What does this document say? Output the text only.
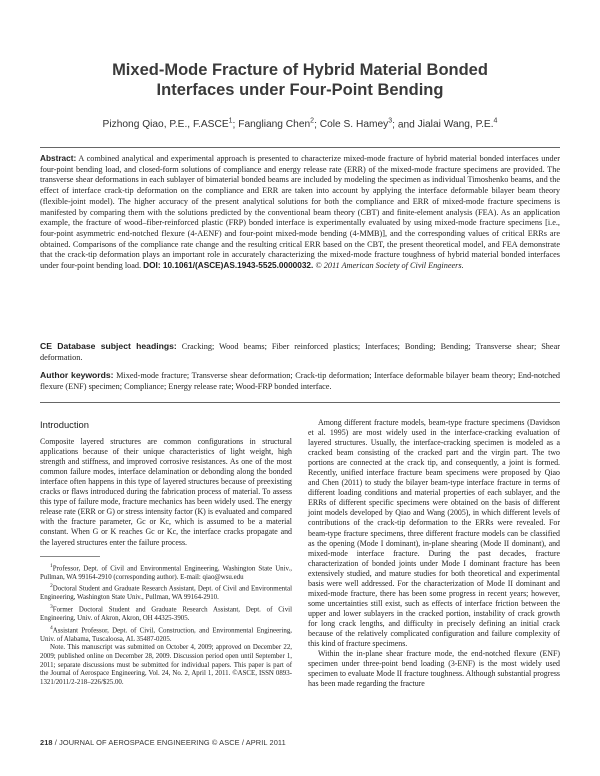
Mixed-Mode Fracture of Hybrid Material Bonded
Interfaces under Four-Point Bending
Pizhong Qiao, P.E., F.ASCE$^1$; Fangliang Chen$^2$; Cole S. Hamey$^3$; and Jialai Wang, P.E.$^4$
Abstract: A combined analytical and experimental approach is presented to characterize mixed-mode fracture of hybrid material bonded interfaces under four-point bending load, and closed-form solutions of compliance and energy release rate (ERR) of the mixed-mode fracture specimens are provided. The transverse shear deformations in each sublayer of bimaterial bonded beams are included by modeling the specimen as individual Timoshenko beams, and the effect of interface crack-tip deformation on the compliance and ERR are taken into account by applying the interface deformable bilayer beam theory (flexible-joint model). The higher accuracy of the present analytical solutions for both the compliance and ERR of mixed-mode fracture specimens is manifested by comparing them with the solutions predicted by the conventional beam theory (CBT) and finite-element analysis (FEA). As an application example, the fracture of wood–fiber-reinforced plastic (FRP) bonded interface is experimentally evaluated by using mixed-mode fracture specimens [i.e., four-point asymmetric end-notched flexure (4-AENF) and four-point mixed-mode bending (4-MMB)], and the corresponding values of critical ERRs are obtained. Comparisons of the compliance rate change and the resulting critical ERR based on the CBT, the present theoretical model, and FEA demonstrate that the crack-tip deformation plays an important role in accurately characterizing the mixed-mode fracture toughness of hybrid material bonded interfaces under four-point bending load. DOI: 10.1061/(ASCE)AS.1943-5525.0000032. © 2011 American Society of Civil Engineers.
CE Database subject headings: Cracking; Wood beams; Fiber reinforced plastics; Interfaces; Bonding; Bending; Transverse shear; Shear deformation.
Author keywords: Mixed-mode fracture; Transverse shear deformation; Crack-tip deformation; Interface deformable bilayer beam theory; End-notched flexure (ENF) specimen; Compliance; Energy release rate; Wood-FRP bonded interface.
Introduction

Composite layered structures are common configurations in structural applications because of their unique characteristics of light weight, high strength and stiffness, and improved corrosive resistances. As one of the most common failure modes, interface delamination or debonding along the bonded interface often happens in this type of layered structures because of preexisting cracks or flaws introduced during the fabrication process of material. To assess this type of failure mode, fracture mechanics has been widely used. The energy release rate (ERR or G) or stress intensity factor (K) is evaluated and compared with the fracture parameter, Gc or Kc, which is assumed to be a material constant. When G or K reaches Gc or Kc, the interface cracks propagate and the layered structures enter the failure process.

$^1$Professor, Dept. of Civil and Environmental Engineering, Washington State Univ., Pullman, WA 99164-2910 (corresponding author). E-mail: qiao@wsu.edu

$^2$Doctoral Student and Graduate Research Assistant, Dept. of Civil and Environmental Engineering, Washington State Univ., Pullman, WA 99164-2910.

$^3$Former Doctoral Student and Graduate Research Assistant, Dept. of Civil Engineering, Univ. of Akron, Akron, OH 44325-3905.

$^4$Assistant Professor, Dept. of Civil, Construction, and Environmental Engineering, Univ. of Alabama, Tuscaloosa, AL 35487-0205.

Note. This manuscript was submitted on October 4, 2009; approved on December 22, 2009; published online on December 28, 2009. Discussion period open until September 1, 2011; separate discussions must be submitted for individual papers. This paper is part of the Journal of Aerospace Engineering, Vol. 24, No. 2, April 1, 2011. ©ASCE, ISSN 0893-1321/2011/2-218–226/$25.00.

Among different fracture models, beam-type fracture specimens (Davidson et al. 1995) are most widely used in the interface-cracking evaluation of layered structures. Usually, the interface-cracking specimen is modeled as a cracked beam consisting of the cracked part and the virgin part. The two portions are connected at the crack tip, and consequently, a joint is formed. Recently, unified interface fracture beam specimens were proposed by Qiao and Chen (2011) to study the bilayer beam-type interface fracture in terms of different loading conditions and material properties of each sublayer, and the ERRs of different specific specimens were obtained on the basis of different joint models developed by Qiao and Wang (2005), in which different levels of contributions of the crack-tip deformation to the ERRs were revealed. For beam-type fracture specimens, three different fracture models can be classified as the opening (Mode I dominant), in-plane shearing (Mode II dominant), and mixed-mode interface fracture. During the past decades, fracture characterization of bonded joints under Mode I dominant fracture has been extensively studied, and mature studies for both theoretical and experimental basis were well addressed. For the characterization of Mode II dominant and mixed-mode fracture, there has been some progress in recent years; however, some uncertainties still exist, such as effects of interface friction between the upper and lower sublayers in the cracked portion, instability of crack growth for long crack lengths, and difficulty in precisely defining an initial crack because of the relatively complicated configuration and failure complexity of this kind of fracture specimens.

Within the in-plane shear fracture mode, the end-notched flexure (ENF) specimen under three-point bend loading (3-ENF) is the most widely used specimen to evaluate Mode II fracture toughness. Although substantial progress has been made regarding the fracture

218 / JOURNAL OF AEROSPACE ENGINEERING © ASCE / APRIL 2011
